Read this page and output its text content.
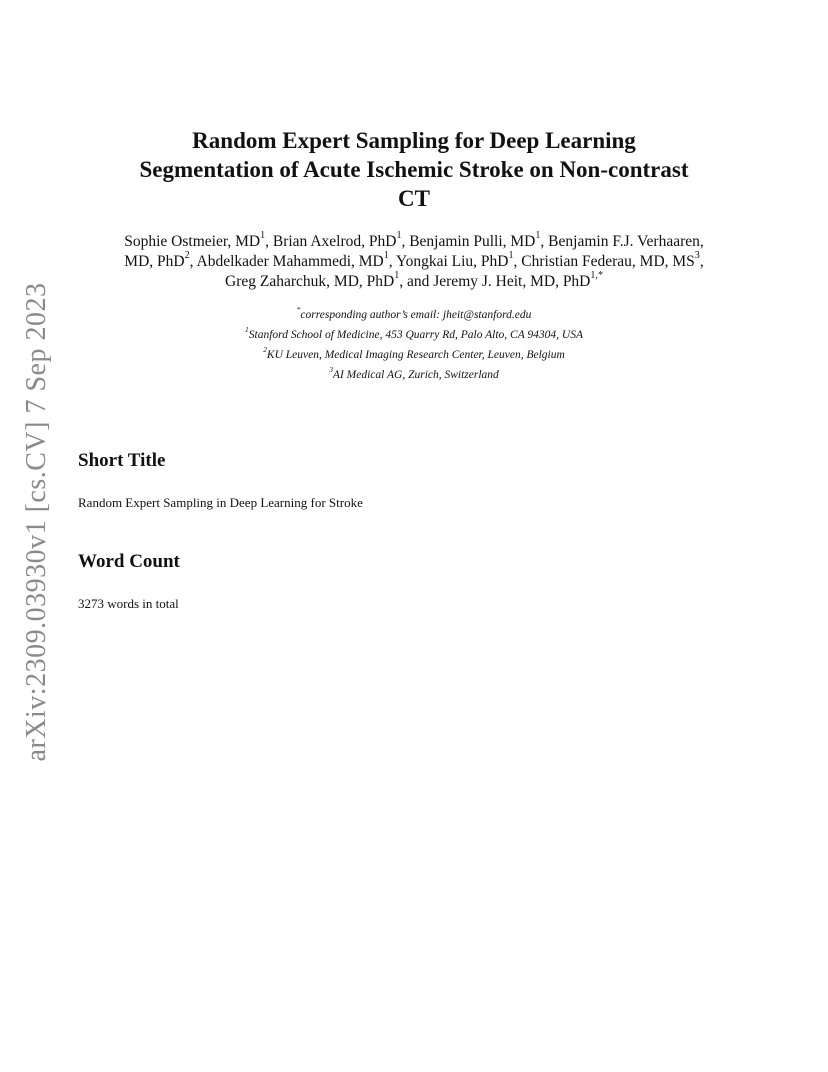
arXiv:2309.03930v1 [cs.CV] 7 Sep 2023
Random Expert Sampling for Deep Learning
Segmentation of Acute Ischemic Stroke on Non-contrast
CT
Sophie Ostmeier, $MD^1$, Brian Axelrod, PhD$^1$, Benjamin Pulli, $MD^1$, Benjamin F.J. Verhaaren,
MD, PhD$^2$, Abdelkader Mahammedi, $MD^1$, Yongkai Liu, PhD$^1$, Christian Federau, MD, $MS^3$,
Greg Zaharchuk, MD, PhD$^1$, and Jeremy J. Heit, MD, PhD$^{1,*}$
*corresponding author’s email: jheit@stanford.edu
$^1$Stanford School of Medicine, 453 Quarry Rd, Palo Alto, CA 94304, USA
$^2$KU Leuven, Medical Imaging Research Center, Leuven, Belgium
$^3$AI Medical AG, Zurich, Switzerland
Short Title
Random Expert Sampling in Deep Learning for Stroke
Word Count
3273 words in total
